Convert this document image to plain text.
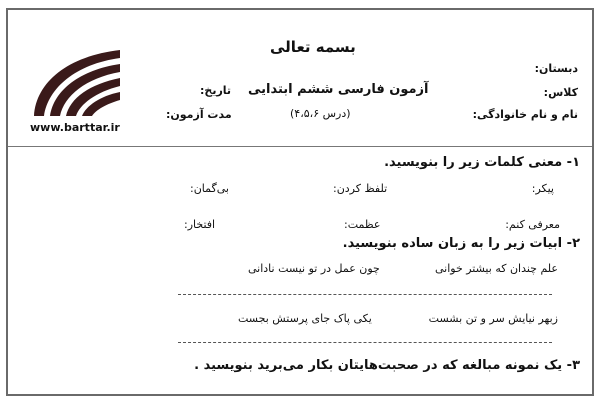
بسمه تعالی
دبستان:
کلاس:
نام و نام خانوادگی:
آزمون فارسی ششم ابتدایی
(درس ۴،۵،۶)
تاریخ:
مدت آزمون:
www.barttar.ir
۱- معنی کلمات زیر را بنویسید.
پیکر:
تلفظ کردن:
بی‌گمان:
معرفی کنم:
عظمت:
افتخار:
۲- ابیات زیر را به زبان ساده بنویسید.
علم چندان که بیشتر خوانی
چون عمل در تو نیست نادانی
زبهر نیایش سر و تن بشست
یکی پاک جای پرستش بجست
۳- یک نمونه مبالغه که در صحبت‌هایتان بکار می‌برید بنویسید .
